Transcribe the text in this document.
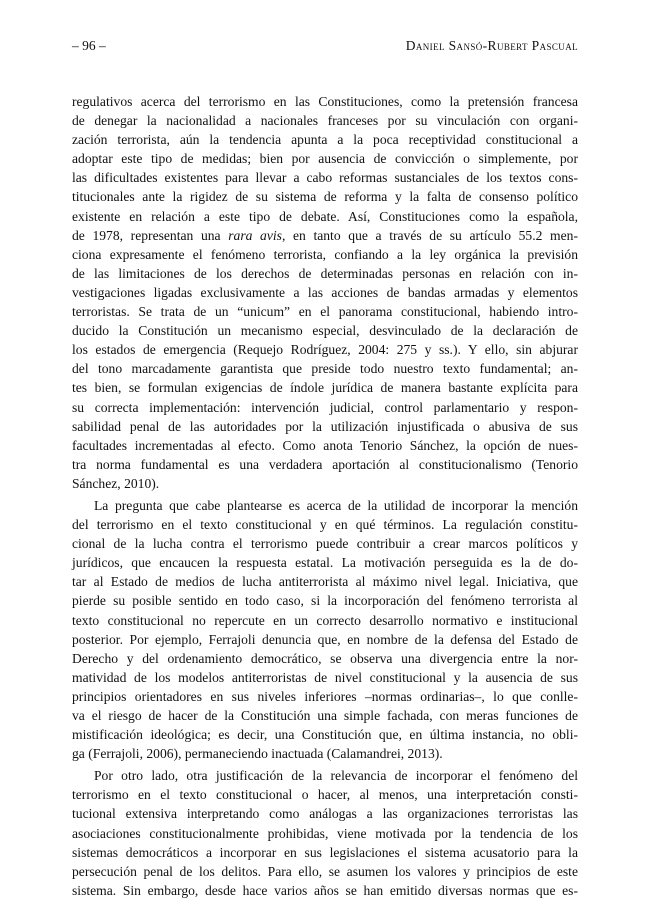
– 96 –	Daniel Sansó-Rubert Pascual
regulativos acerca del terrorismo en las Constituciones, como la pretensión francesa
de denegar la nacionalidad a nacionales franceses por su vinculación con organi-
zación terrorista, aún la tendencia apunta a la poca receptividad constitucional a
adoptar este tipo de medidas; bien por ausencia de convicción o simplemente, por
las dificultades existentes para llevar a cabo reformas sustanciales de los textos cons-
titucionales ante la rigidez de su sistema de reforma y la falta de consenso político
existente en relación a este tipo de debate. Así, Constituciones como la española,
de 1978, representan una rara avis, en tanto que a través de su artículo 55.2 men-
ciona expresamente el fenómeno terrorista, confiando a la ley orgánica la previsión
de las limitaciones de los derechos de determinadas personas en relación con in-
vestigaciones ligadas exclusivamente a las acciones de bandas armadas y elementos
terroristas. Se trata de un “unicum” en el panorama constitucional, habiendo intro-
ducido la Constitución un mecanismo especial, desvinculado de la declaración de
los estados de emergencia (Requejo Rodríguez, 2004: 275 y ss.). Y ello, sin abjurar
del tono marcadamente garantista que preside todo nuestro texto fundamental; an-
tes bien, se formulan exigencias de índole jurídica de manera bastante explícita para
su correcta implementación: intervención judicial, control parlamentario y respon-
sabilidad penal de las autoridades por la utilización injustificada o abusiva de sus
facultades incrementadas al efecto. Como anota Tenorio Sánchez, la opción de nues-
tra norma fundamental es una verdadera aportación al constitucionalismo (Tenorio
Sánchez, 2010).
La pregunta que cabe plantearse es acerca de la utilidad de incorporar la mención
del terrorismo en el texto constitucional y en qué términos. La regulación constitu-
cional de la lucha contra el terrorismo puede contribuir a crear marcos políticos y
jurídicos, que encaucen la respuesta estatal. La motivación perseguida es la de do-
tar al Estado de medios de lucha antiterrorista al máximo nivel legal. Iniciativa, que
pierde su posible sentido en todo caso, si la incorporación del fenómeno terrorista al
texto constitucional no repercute en un correcto desarrollo normativo e institucional
posterior. Por ejemplo, Ferrajoli denuncia que, en nombre de la defensa del Estado de
Derecho y del ordenamiento democrático, se observa una divergencia entre la nor-
matividad de los modelos antiterroristas de nivel constitucional y la ausencia de sus
principios orientadores en sus niveles inferiores –normas ordinarias–, lo que conlle-
va el riesgo de hacer de la Constitución una simple fachada, con meras funciones de
mistificación ideológica; es decir, una Constitución que, en última instancia, no obli-
ga (Ferrajoli, 2006), permaneciendo inactuada (Calamandrei, 2013).
Por otro lado, otra justificación de la relevancia de incorporar el fenómeno del
terrorismo en el texto constitucional o hacer, al menos, una interpretación consti-
tucional extensiva interpretando como análogas a las organizaciones terroristas las
asociaciones constitucionalmente prohibidas, viene motivada por la tendencia de los
sistemas democráticos a incorporar en sus legislaciones el sistema acusatorio para la
persecución penal de los delitos. Para ello, se asumen los valores y principios de este
sistema. Sin embargo, desde hace varios años se han emitido diversas normas que es-
